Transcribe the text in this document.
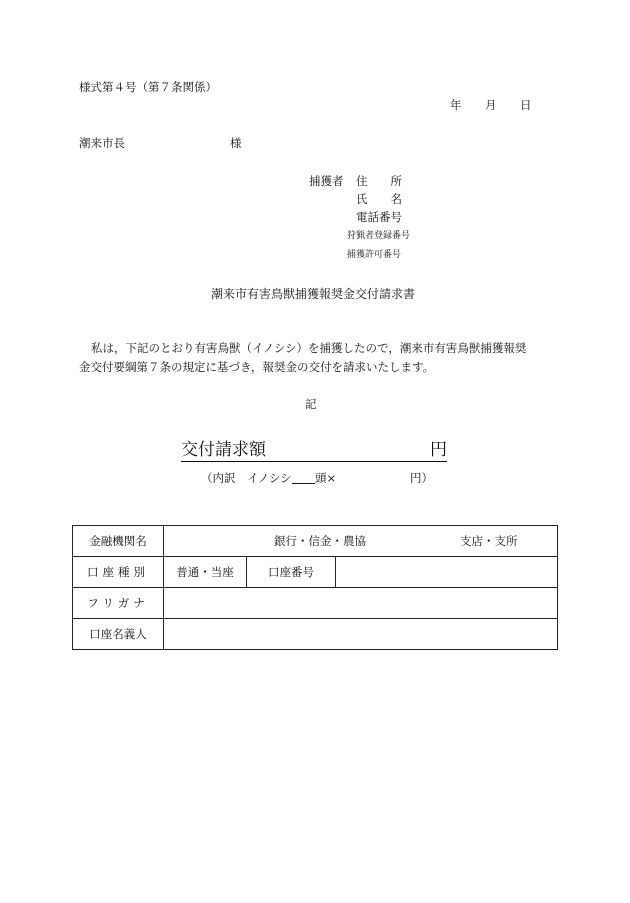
様式第４号（第７条関係）
年 月 日
潮来市長	様
捕獲者 住　　所
氏　　名
電話番号
狩猟者登録番号
捕獲許可番号
潮来市有害鳥獣捕獲報奨金交付請求書
私は，下記のとおり有害鳥獣（イノシシ）を捕獲したので，潮来市有害鳥獣捕獲報奨
金交付要綱第７条の規定に基づき，報奨金の交付を請求いたします。
記
交付請求額	円
（内訳　イノシシ 頭×	円）
金融機関名	銀行・信金・農協 支店・支所		

口座種別	普通・当座	口座番号	
フリガナ			
口座名義人			
